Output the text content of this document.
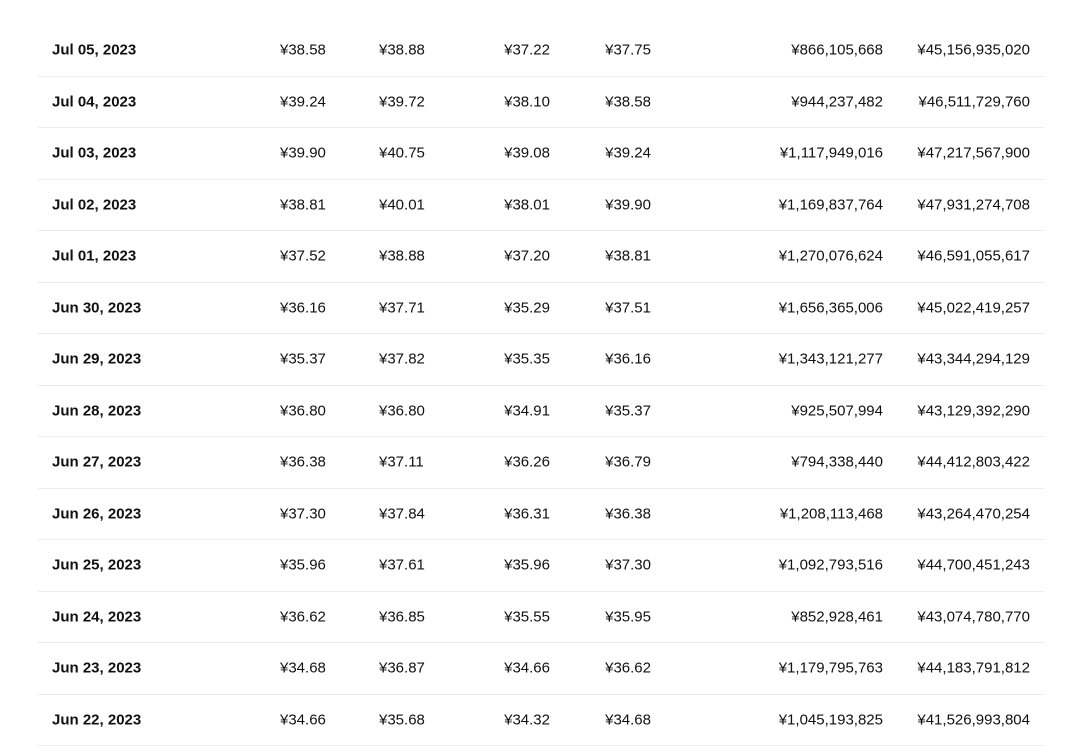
Jul 05, 2023	¥38.58	¥38.88	¥37.22	¥37.75	¥866,105,668 ¥45,156,935,020
Jul 04, 2023	¥39.24	¥39.72	¥38.10	¥38.58	¥944,237,482 ¥46,511,729,760
Jul 03, 2023	¥39.90	¥40.75	¥39.08	¥39.24	¥1,117,949,016 ¥47,217,567,900
Jul 02, 2023	¥38.81	¥40.01	¥38.01	¥39.90	¥1,169,837,764 ¥47,931,274,708
Jul 01, 2023	¥37.52	¥38.88	¥37.20	¥38.81	¥1,270,076,624 ¥46,591,055,617
Jun 30, 2023	¥36.16	¥37.71	¥35.29	¥37.51	¥1,656,365,006 ¥45,022,419,257
Jun 29, 2023	¥35.37	¥37.82	¥35.35	¥36.16	¥1,343,121,277 ¥43,344,294,129
Jun 28, 2023	¥36.80	¥36.80	¥34.91	¥35.37	¥925,507,994 ¥43,129,392,290
Jun 27, 2023	¥36.38	¥37.11	¥36.26	¥36.79	¥794,338,440 ¥44,412,803,422
Jun 26, 2023	¥37.30	¥37.84	¥36.31	¥36.38	¥1,208,113,468 ¥43,264,470,254
Jun 25, 2023	¥35.96	¥37.61	¥35.96	¥37.30	¥1,092,793,516 ¥44,700,451,243
Jun 24, 2023	¥36.62	¥36.85	¥35.55	¥35.95	¥852,928,461 ¥43,074,780,770
Jun 23, 2023	¥34.68	¥36.87	¥34.66	¥36.62	¥1,179,795,763 ¥44,183,791,812
Jun 22, 2023	¥34.66	¥35.68	¥34.32	¥34.68	¥1,045,193,825 ¥41,526,993,804
